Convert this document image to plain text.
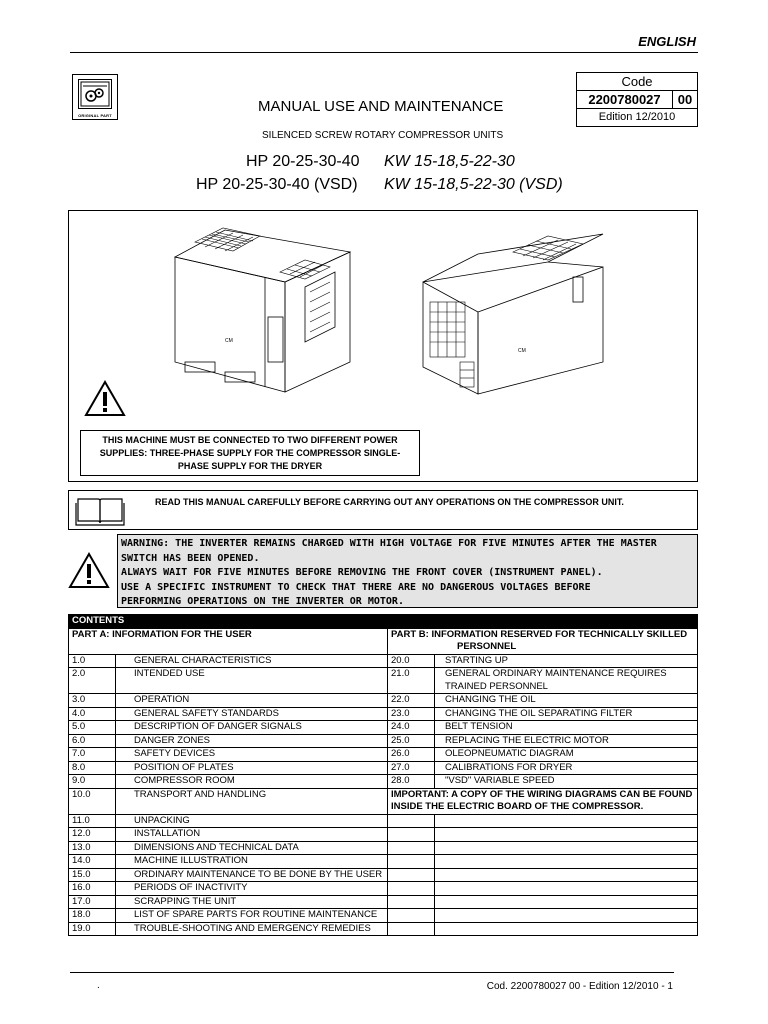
ENGLISH
ORIGINAL PART
MANUAL USE AND MAINTENANCE
SILENCED SCREW ROTARY COMPRESSOR UNITS
Code
2200780027	00
Edition 12/2010
HP 20-25-30-40 KW 15-18,5-22-30
HP 20-25-30-40 (VSD) KW 15-18,5-22-30 (VSD)
CM
CM
THIS MACHINE MUST BE CONNECTED TO TWO DIFFERENT POWER
SUPPLIES: THREE-PHASE SUPPLY FOR THE COMPRESSOR SINGLE-
PHASE SUPPLY FOR THE DRYER
READ THIS MANUAL CAREFULLY BEFORE CARRYING OUT ANY OPERATIONS ON THE COMPRESSOR UNIT.
WARNING: THE INVERTER REMAINS CHARGED WITH HIGH VOLTAGE FOR FIVE MINUTES AFTER THE MASTER
SWITCH HAS BEEN OPENED.
ALWAYS WAIT FOR FIVE MINUTES BEFORE REMOVING THE FRONT COVER (INSTRUMENT PANEL).
USE A SPECIFIC INSTRUMENT TO CHECK THAT THERE ARE NO DANGEROUS VOLTAGES BEFORE
PERFORMING OPERATIONS ON THE INVERTER OR MOTOR.
CONTENTS			
PART A: INFORMATION FOR THE USER		PART B: INFORMATION RESERVED FOR TECHNICALLY SKILLED
PERSONNEL	

1.0	GENERAL CHARACTERISTICS	20.0	STARTING UP

2.0	INTENDED USE	21.0	GENERAL ORDINARY MAINTENANCE REQUIRES
TRAINED PERSONNEL

3.0	OPERATION	22.0	CHANGING THE OIL

4.0	GENERAL SAFETY STANDARDS	23.0	CHANGING THE OIL SEPARATING FILTER

5.0	DESCRIPTION OF DANGER SIGNALS	24.0	BELT TENSION

6.0	DANGER ZONES	25.0	REPLACING THE ELECTRIC MOTOR

7.0	SAFETY DEVICES	26.0	OLEOPNEUMATIC DIAGRAM

8.0	POSITION OF PLATES	27.0	CALIBRATIONS FOR DRYER

9.0	COMPRESSOR ROOM	28.0	"VSD" VARIABLE SPEED

10.0	TRANSPORT AND HANDLING	IMPORTANT: A COPY OF THE WIRING DIAGRAMS CAN BE FOUND
INSIDE THE ELECTRIC BOARD OF THE COMPRESSOR.	

11.0	UNPACKING		
12.0	INSTALLATION		
13.0	DIMENSIONS AND TECHNICAL DATA		
14.0	MACHINE ILLUSTRATION		
15.0	ORDINARY MAINTENANCE TO BE DONE BY THE USER		
16.0	PERIODS OF INACTIVITY		
17.0	SCRAPPING THE UNIT		
18.0	LIST OF SPARE PARTS FOR ROUTINE MAINTENANCE		
19.0	TROUBLE-SHOOTING AND EMERGENCY REMEDIES		
.	Cod. 2200780027 00 - Edition 12/2010 - 1
